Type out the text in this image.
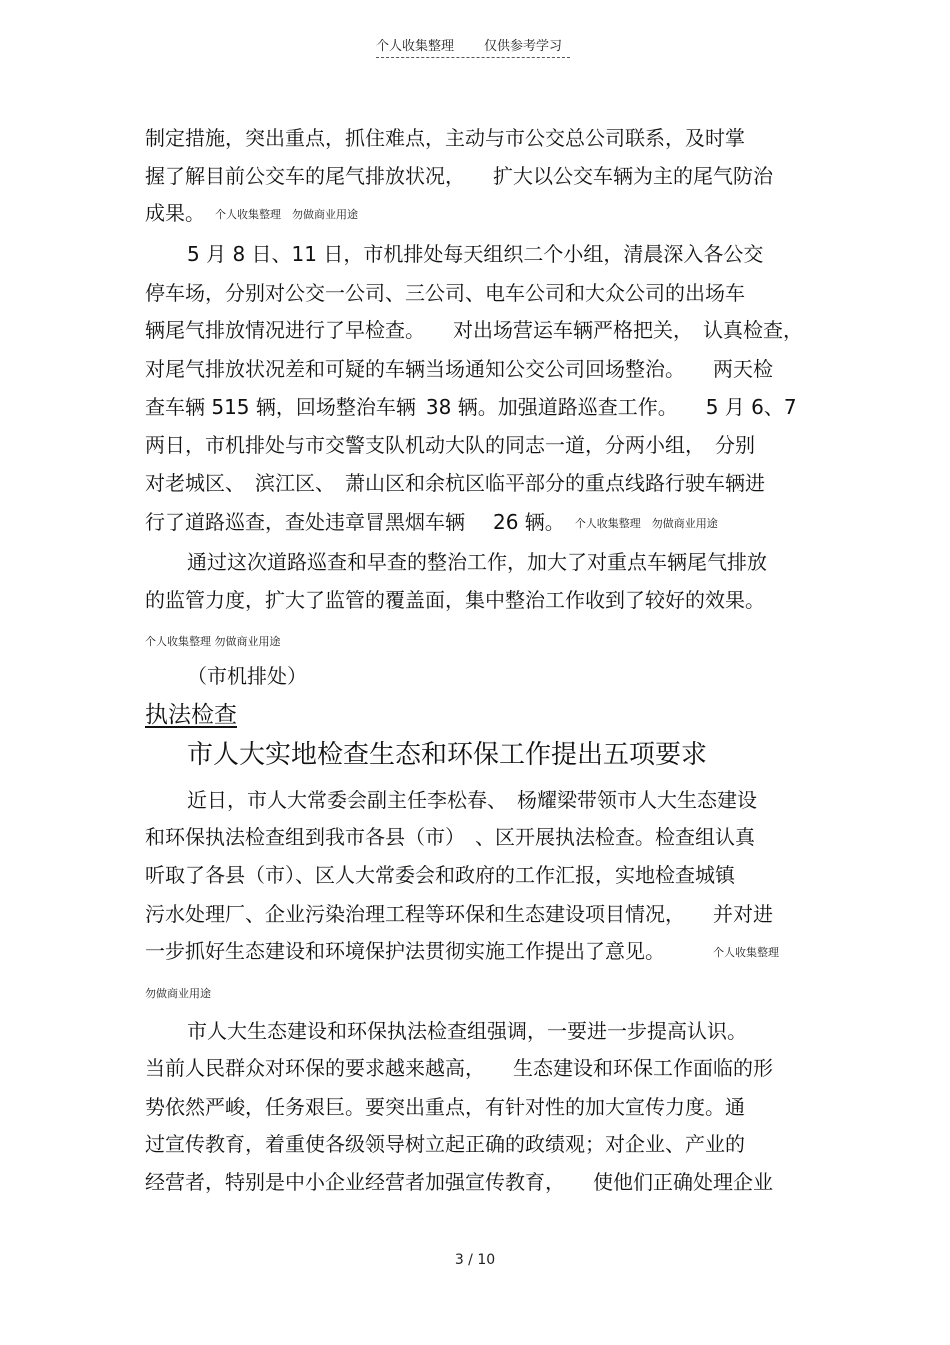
个人收集整理 仅供参考学习
制定措施，突出重点，抓住难点，主动与市公交总公司联系，及时掌
握了解目前公交车的尾气排放状况， 扩大以公交车辆为主的尾气防治
成果。 个人收集整理　勿做商业用途
5 月 8 日、11 日，市机排处每天组织二个小组，清晨深入各公交
停车场，分别对公交一公司、三公司、电车公司和大众公司的出场车
辆尾气排放情况进行了早检查。 对出场营运车辆严格把关， 认真检查，
对尾气排放状况差和可疑的车辆当场通知公交公司回场整治。 两天检
查车辆 515 辆，回场整治车辆 38 辆。加强道路巡查工作。 5 月 6、7
两日，市机排处与市交警支队机动大队的同志一道，分两小组， 分别
对老城区、 滨江区、 萧山区和余杭区临平部分的重点线路行驶车辆进
行了道路巡查，查处违章冒黑烟车辆 26 辆。 个人收集整理　勿做商业用途
通过这次道路巡查和早查的整治工作，加大了对重点车辆尾气排放
的监管力度，扩大了监管的覆盖面，集中整治工作收到了较好的效果。
个人收集整理 勿做商业用途
（市机排处）
执法检查
市人大实地检查生态和环保工作提出五项要求
近日，市人大常委会副主任李松春、 杨耀梁带领市人大生态建设
和环保执法检查组到我市各县（市） 、区开展执法检查。检查组认真
听取了各县（市）、区人大常委会和政府的工作汇报，实地检查城镇
污水处理厂、企业污染治理工程等环保和生态建设项目情况， 并对进
一步抓好生态建设和环境保护法贯彻实施工作提出了意见。	个人收集整理
勿做商业用途
市人大生态建设和环保执法检查组强调，一要进一步提高认识。
当前人民群众对环保的要求越来越高， 生态建设和环保工作面临的形
势依然严峻，任务艰巨。要突出重点，有针对性的加大宣传力度。通
过宣传教育，着重使各级领导树立起正确的政绩观；对企业、产业的
经营者，特别是中小企业经营者加强宣传教育， 使他们正确处理企业
3 / 10
